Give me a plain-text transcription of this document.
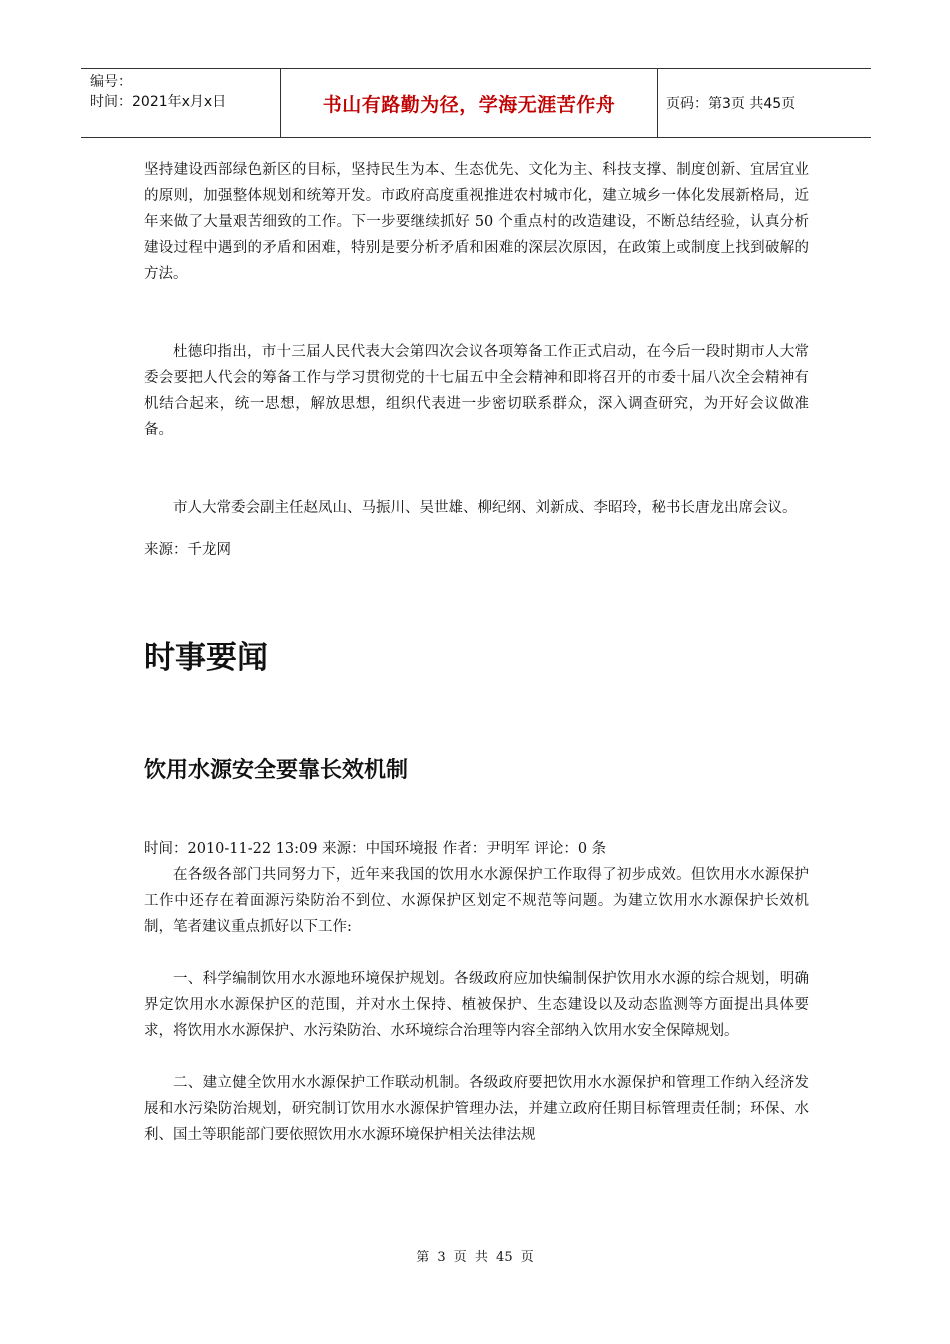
编号：
时间：2021年x月x日	书山有路勤为径，学海无涯苦作舟	页码：第3页 共45页

坚持建设西部绿色新区的目标，坚持民生为本、生态优先、文化为主、科技支撑、制度创新、宜居宜业的原则，加强整体规划和统筹开发。市政府高度重视推进农村城市化，建立城乡一体化发展新格局，近年来做了大量艰苦细致的工作。下一步要继续抓好 50 个重点村的改造建设，不断总结经验，认真分析建设过程中遇到的矛盾和困难，特别是要分析矛盾和困难的深层次原因，在政策上或制度上找到破解的方法。

杜德印指出，市十三届人民代表大会第四次会议各项筹备工作正式启动，在今后一段时期市人大常委会要把人代会的筹备工作与学习贯彻党的十七届五中全会精神和即将召开的市委十届八次全会精神有机结合起来，统一思想，解放思想，组织代表进一步密切联系群众，深入调查研究，为开好会议做准备。

市人大常委会副主任赵凤山、马振川、吴世雄、柳纪纲、刘新成、李昭玲，秘书长唐龙出席会议。

来源：千龙网

时事要闻
饮用水源安全要靠长效机制

时间：2010-11-22 13:09 来源：中国环境报 作者：尹明军 评论：0 条

在各级各部门共同努力下，近年来我国的饮用水水源保护工作取得了初步成效。但饮用水水源保护工作中还存在着面源污染防治不到位、水源保护区划定不规范等问题。为建立饮用水水源保护长效机制，笔者建议重点抓好以下工作:

一、科学编制饮用水水源地环境保护规划。各级政府应加快编制保护饮用水水源的综合规划，明确界定饮用水水源保护区的范围，并对水土保持、植被保护、生态建设以及动态监测等方面提出具体要求，将饮用水水源保护、水污染防治、水环境综合治理等内容全部纳入饮用水安全保障规划。

二、建立健全饮用水水源保护工作联动机制。各级政府要把饮用水水源保护和管理工作纳入经济发展和水污染防治规划，研究制订饮用水水源保护管理办法，并建立政府任期目标管理责任制；环保、水利、国土等职能部门要依照饮用水水源环境保护相关法律法规

第 3 页 共 45 页
